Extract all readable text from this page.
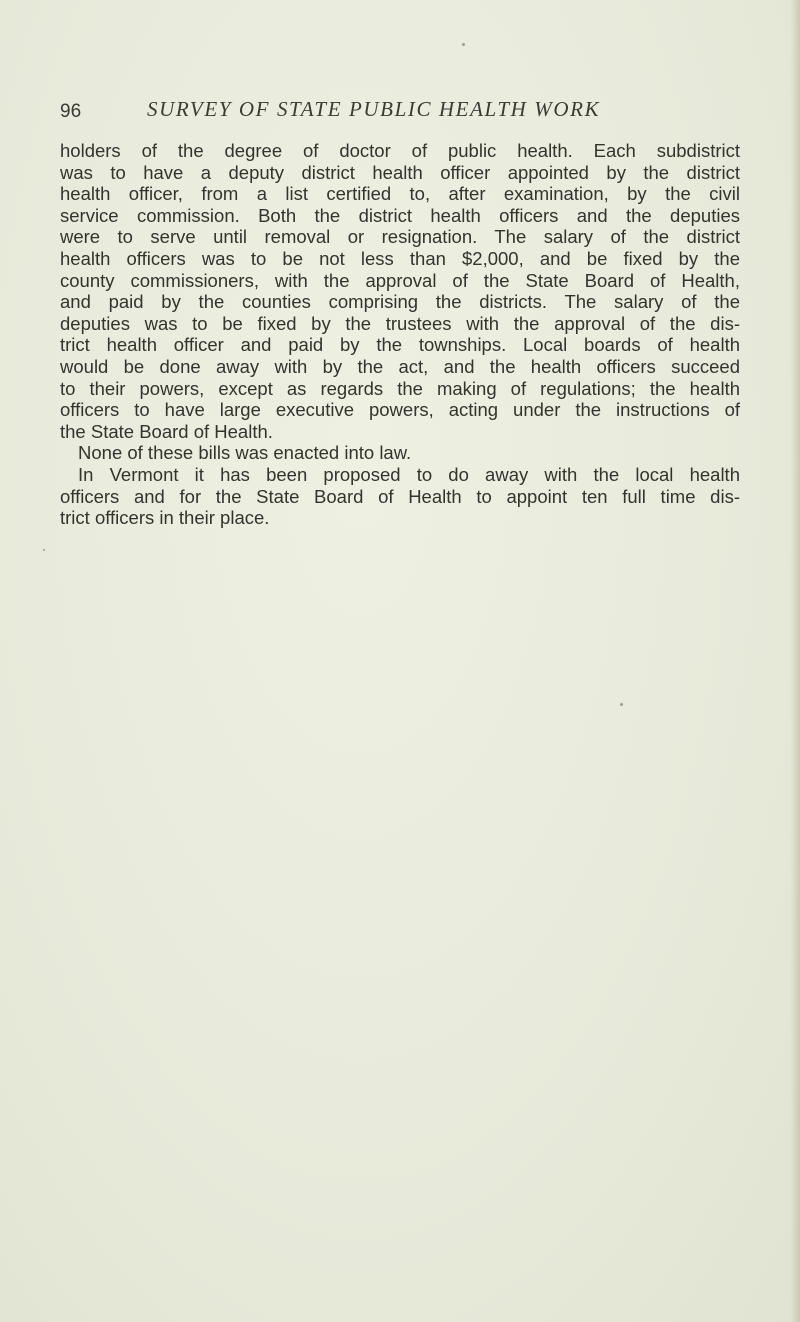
96	SURVEY OF STATE PUBLIC HEALTH WORK
holders of the degree of doctor of public health. Each subdistrict
was to have a deputy district health officer appointed by the district
health officer, from a list certified to, after examination, by the civil
service commission. Both the district health officers and the deputies
were to serve until removal or resignation. The salary of the district
health officers was to be not less than $2,000, and be fixed by the
county commissioners, with the approval of the State Board of Health,
and paid by the counties comprising the districts. The salary of the
deputies was to be fixed by the trustees with the approval of the dis-
trict health officer and paid by the townships. Local boards of health
would be done away with by the act, and the health officers succeed
to their powers, except as regards the making of regulations; the health
officers to have large executive powers, acting under the instructions of
the State Board of Health.
None of these bills was enacted into law.
In Vermont it has been proposed to do away with the local health
officers and for the State Board of Health to appoint ten full time dis-
trict officers in their place.
